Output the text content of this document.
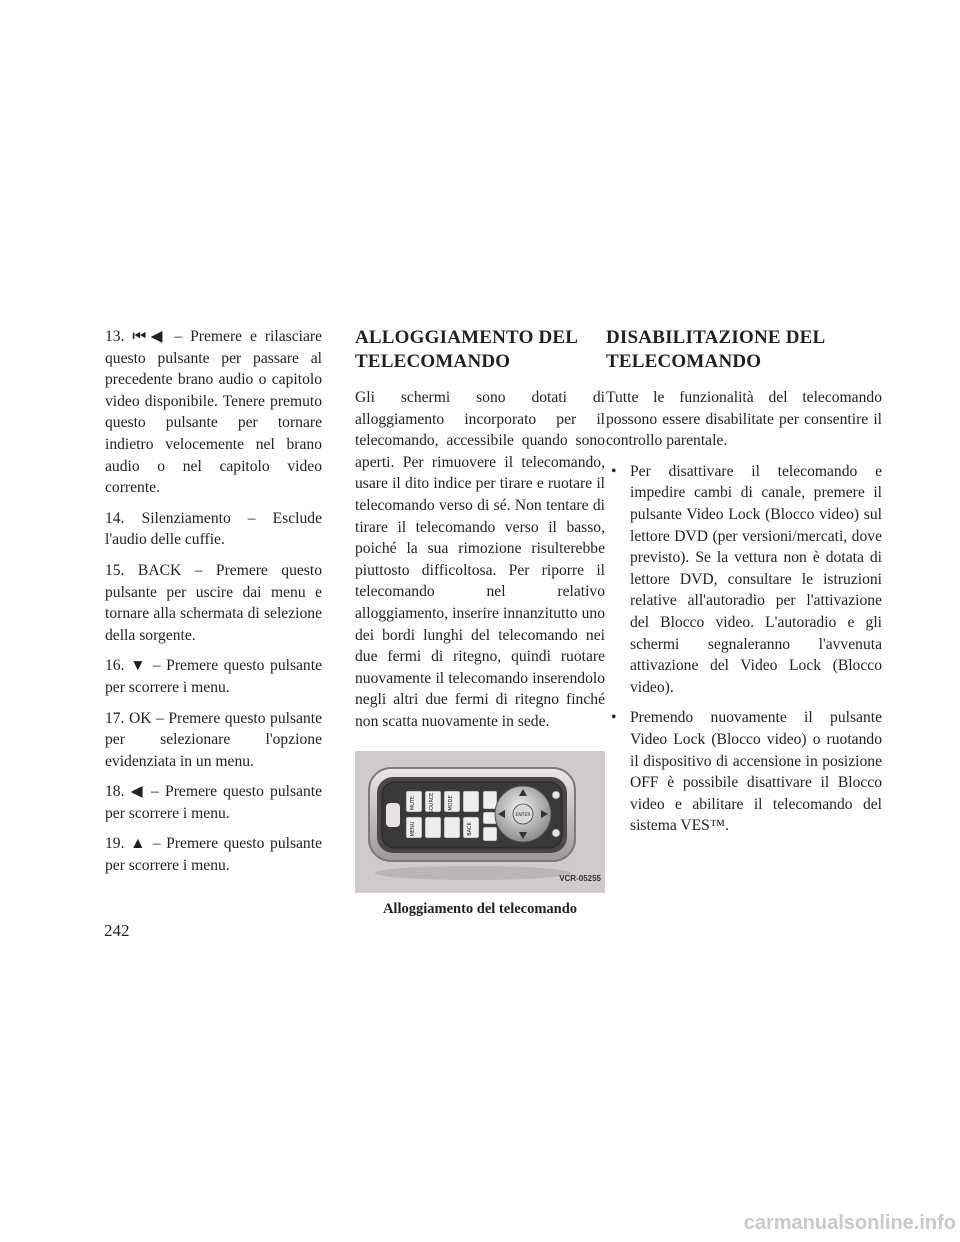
13. ⏮◀ – Premere e rilasciare questo pulsante per passare al precedente brano audio o capitolo video disponibile. Tenere premuto questo pulsante per tornare indietro velocemente nel brano audio o nel capitolo video corrente.

14. Silenziamento – Esclude l'audio delle cuffie.

15. BACK – Premere questo pulsante per uscire dai menu e tornare alla schermata di selezione della sorgente.

16. ▼ – Premere questo pulsante per scorrere i menu.

17. OK – Premere questo pulsante per selezionare l'opzione evidenziata in un menu.

18. ◀ – Premere questo pulsante per scorrere i menu.

19. ▲ – Premere questo pulsante per scorrere i menu.

ALLOGGIAMENTO DEL
TELECOMANDO

Gli schermi sono dotati di alloggiamento incorporato per il telecomando, accessibile quando sono aperti. Per rimuovere il telecomando, usare il dito indice per tirare e ruotare il telecomando verso di sé. Non tentare di tirare il telecomando verso il basso, poiché la sua rimozione risulterebbe piuttosto difficoltosa. Per riporre il telecomando nel relativo alloggiamento, inserire innanzitutto uno dei bordi lunghi del telecomando nei due fermi di ritegno, quindi ruotare nuovamente il telecomando inserendolo negli altri due fermi di ritegno finché non scatta nuovamente in sede.

MUTE	SOURCE	MODE
BACK
MENU
ENTER
VCR-05255
Alloggiamento del telecomando
DISABILITAZIONE DEL
TELECOMANDO

Tutte le funzionalità del telecomando possono essere disabilitate per consentire il controllo parentale.

• Per disattivare il telecomando e impedire cambi di canale, premere il pulsante Video Lock (Blocco video) sul lettore DVD (per versioni/mercati, dove previsto). Se la vettura non è dotata di lettore DVD, consultare le istruzioni relative all'autoradio per l'attivazione del Blocco video. L'autoradio e gli schermi segnaleranno l'avvenuta attivazione del Video Lock (Blocco video).
• Premendo nuovamente il pulsante Video Lock (Blocco video) o ruotando il dispositivo di accensione in posizione OFF è possibile disattivare il Blocco video e abilitare il telecomando del sistema VES™.
242
carmanualsonline.info
